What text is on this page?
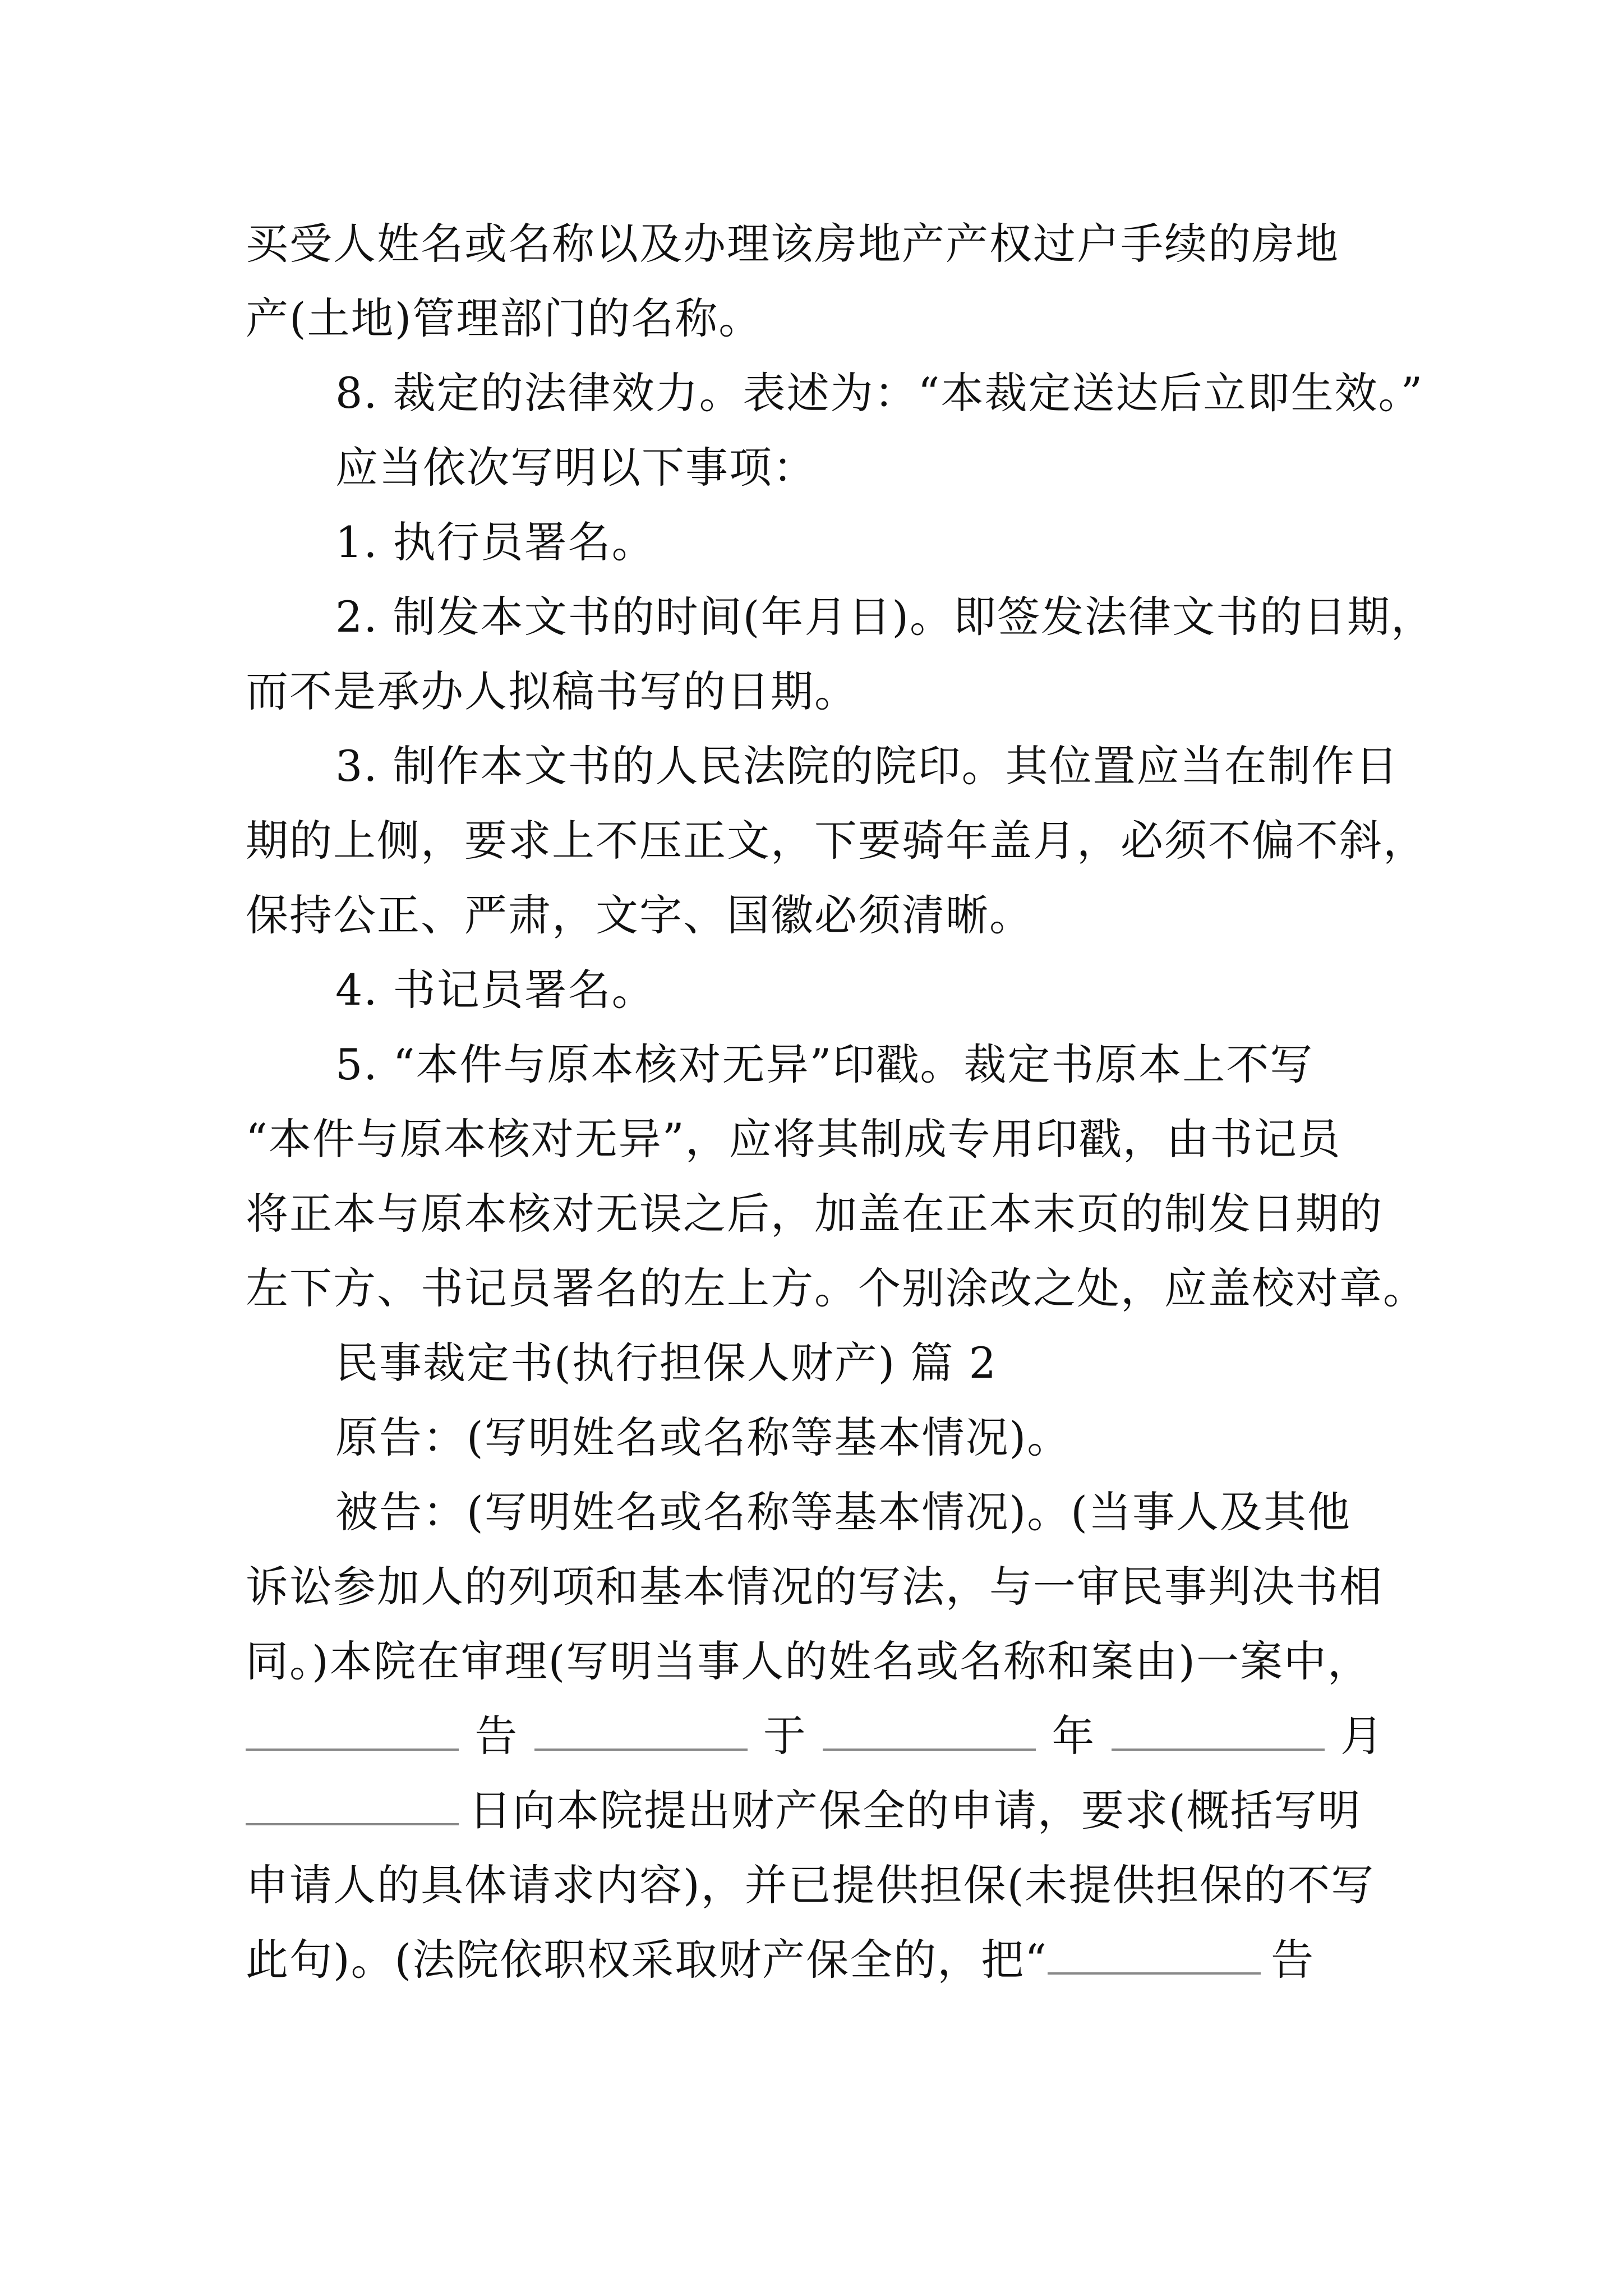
买受人姓名或名称以及办理该房地产产权过户手续的房地
产(土地)管理部门的名称。
8. 裁定的法律效力。表述为：“本裁定送达后立即生效。”
应当依次写明以下事项：
1. 执行员署名。
2. 制发本文书的时间(年月日)。即签发法律文书的日期，
而不是承办人拟稿书写的日期。
3. 制作本文书的人民法院的院印。其位置应当在制作日
期的上侧，要求上不压正文，下要骑年盖月，必须不偏不斜，
保持公正、严肃，文字、国徽必须清晰。
4. 书记员署名。
5. “本件与原本核对无异”印戳。裁定书原本上不写
“本件与原本核对无异”，应将其制成专用印戳，由书记员
将正本与原本核对无误之后，加盖在正本末页的制发日期的
左下方、书记员署名的左上方。个别涂改之处，应盖校对章。
民事裁定书(执行担保人财产) 篇 2
原告：(写明姓名或名称等基本情况)。
被告：(写明姓名或名称等基本情况)。(当事人及其他
诉讼参加人的列项和基本情况的写法，与一审民事判决书相
同。)本院在审理(写明当事人的姓名或名称和案由)一案中，
告	于	年	月
日向本院提出财产保全的申请，要求(概括写明
申请人的具体请求内容)，并已提供担保(未提供担保的不写
此句)。(法院依职权采取财产保全的，把“	告
